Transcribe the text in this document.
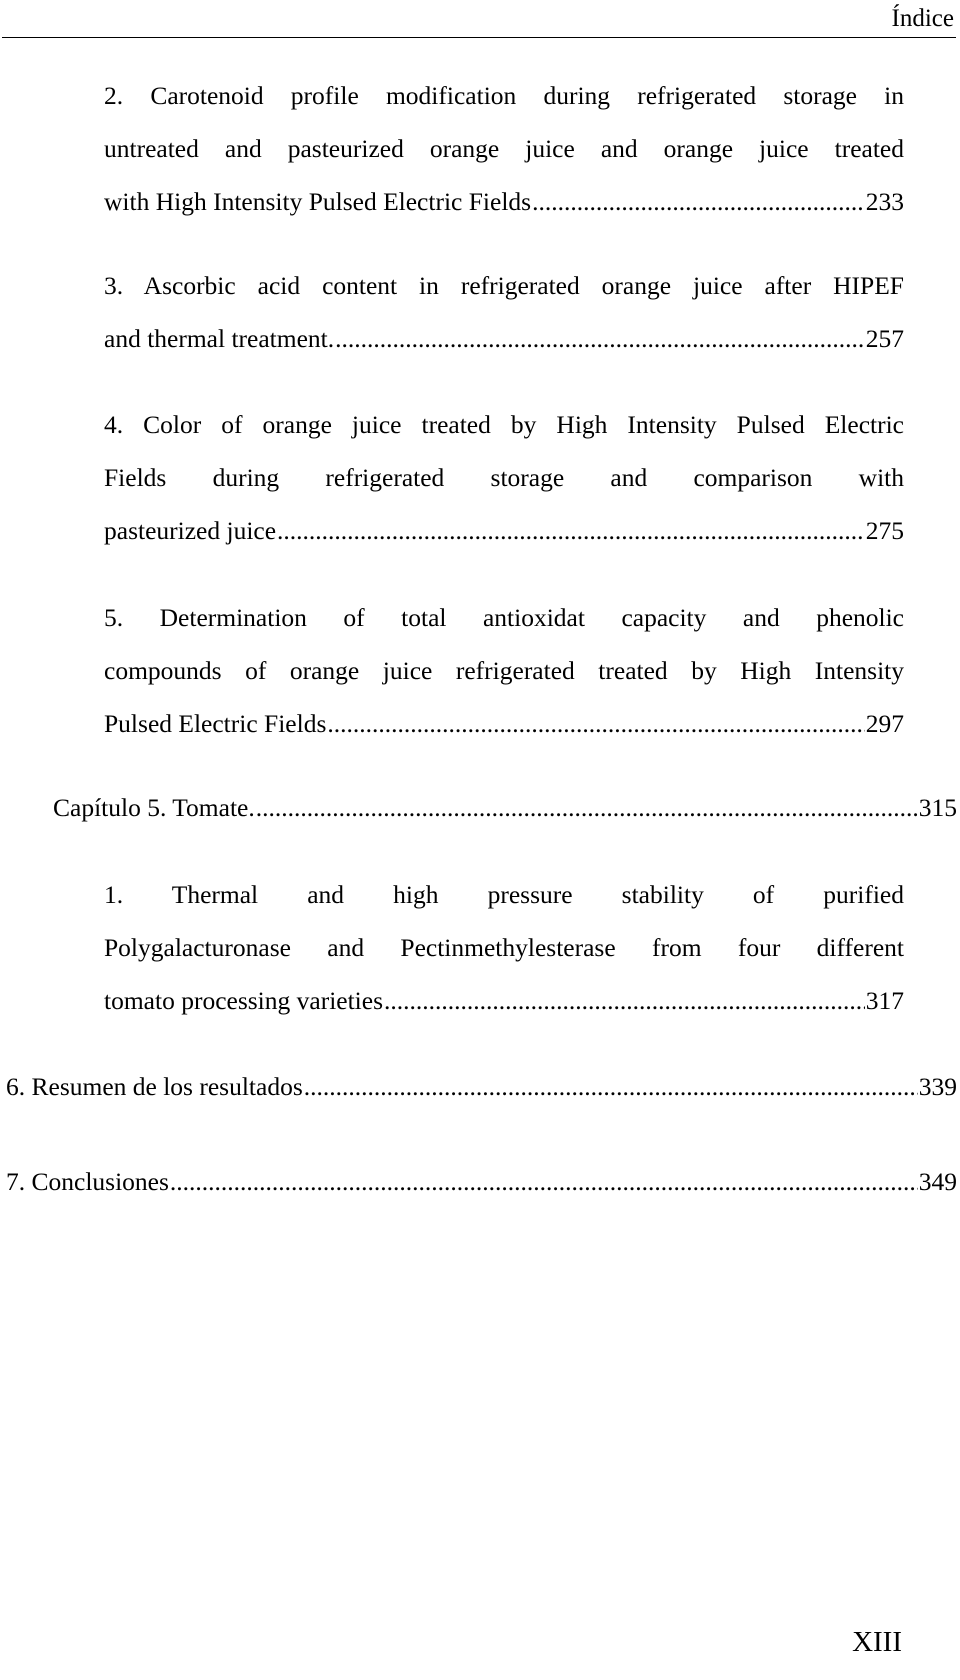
Índice
2. Carotenoid profile modification during refrigerated storage in
untreated and pasteurized orange juice and orange juice treated
with High Intensity Pulsed Electric Fields .....	233
3. Ascorbic acid content in refrigerated orange juice after HIPEF
and thermal treatment. .....	257
4. Color of orange juice treated by High Intensity Pulsed Electric
Fields during refrigerated storage and comparison with
pasteurized juice .....	275
5. Determination of total antioxidat capacity and phenolic
compounds of orange juice refrigerated treated by High Intensity
Pulsed Electric Fields .....	297
Capítulo 5. Tomate. .....	315
1. Thermal and high pressure stability of purified
Polygalacturonase and Pectinmethylesterase from four different
tomato processing varieties .....	317
6. Resumen de los resultados .....	339
7. Conclusiones .....	349
XIII
